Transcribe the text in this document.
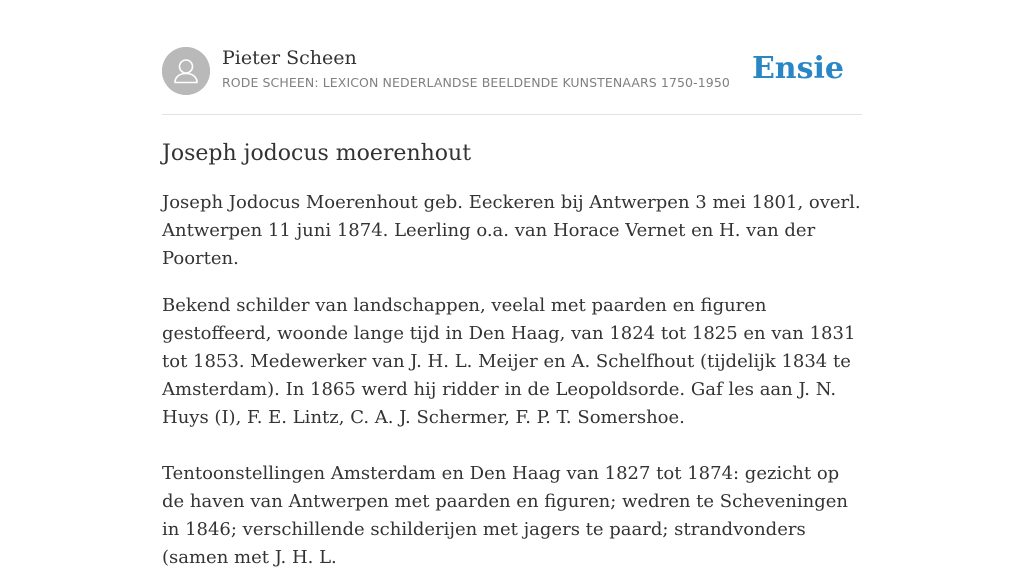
Pieter Scheen
RODE SCHEEN: LEXICON NEDERLANDSE BEELDENDE KUNSTENAARS 1750-1950 Ensie
Joseph jodocus moerenhout

Joseph Jodocus Moerenhout geb. Eeckeren bij Antwerpen 3 mei 1801, overl. Antwerpen 11 juni 1874. Leerling o.a. van Horace Vernet en H. van der Poorten.

Bekend schilder van landschappen, veelal met paarden en figuren gestoffeerd, woonde lange tijd in Den Haag, van 1824 tot 1825 en van 1831 tot 1853. Medewerker van J. H. L. Meijer en A. Schelfhout (tijdelijk 1834 te Amsterdam). In 1865 werd hij ridder in de Leopoldsorde. Gaf les aan J. N. Huys (I), F. E. Lintz, C. A. J. Schermer, F. P. T. Somershoe.

Tentoonstellingen Amsterdam en Den Haag van 1827 tot 1874: gezicht op de haven van Antwerpen met paarden en figuren; wedren te Scheveningen in 1846; verschillende schilderijen met jagers te paard; strandvonders (samen met J. H. L.
